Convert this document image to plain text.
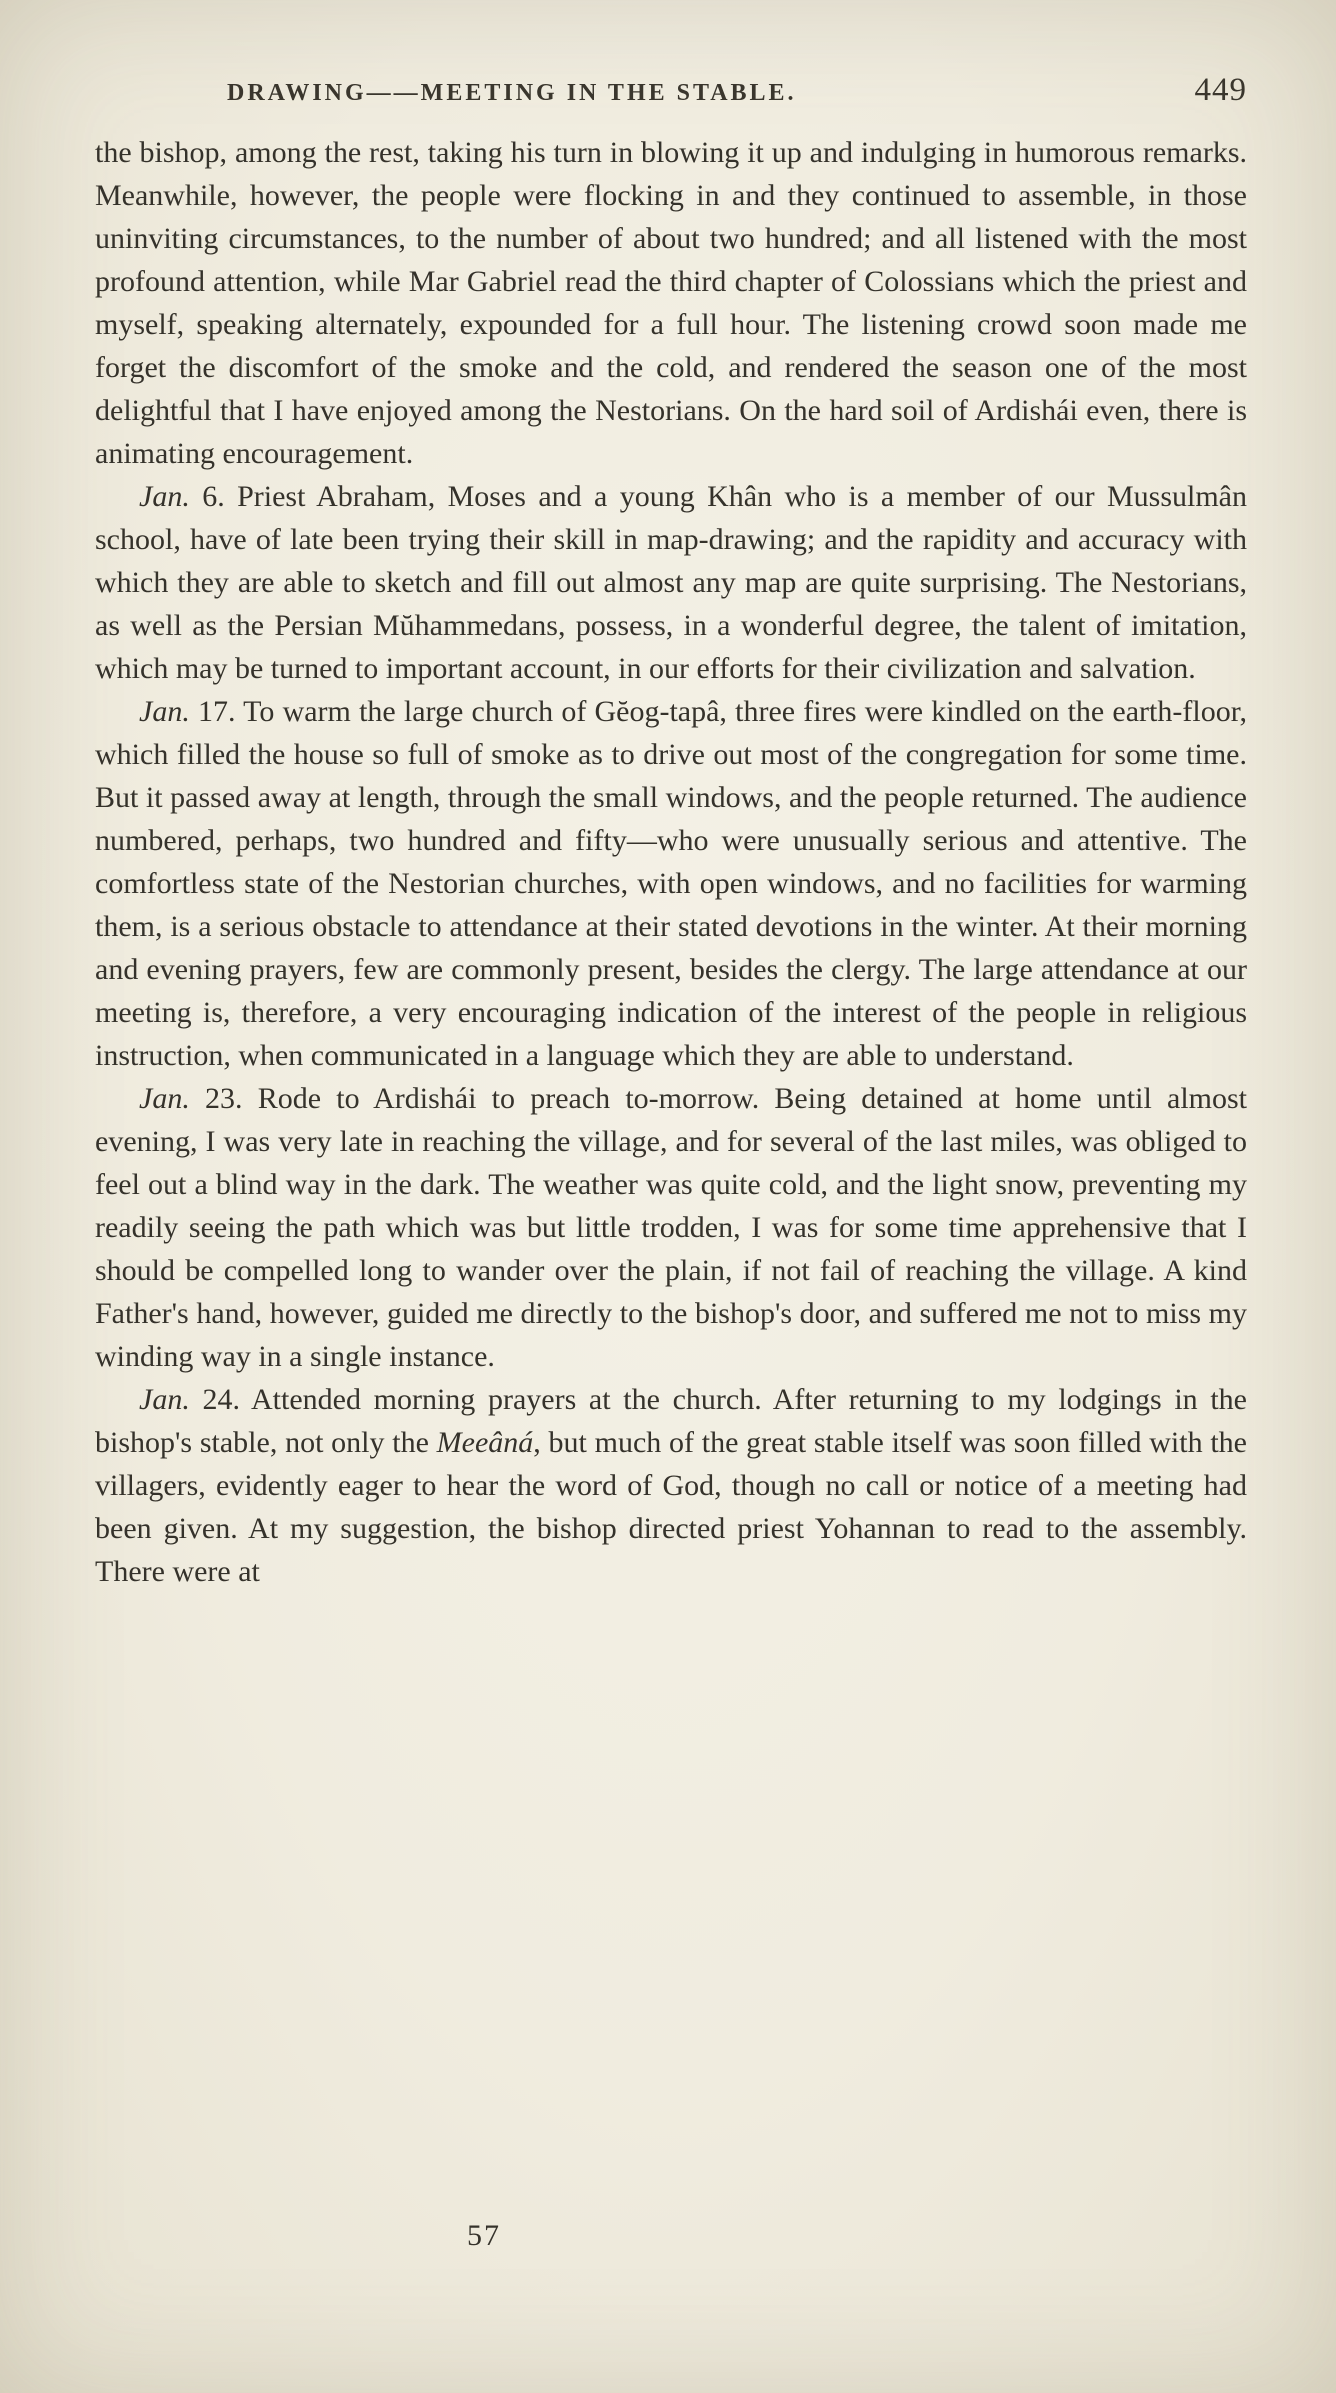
DRAWING——MEETING IN THE STABLE.	449

the bishop, among the rest, taking his turn in blowing it up and indulging in humorous remarks. Meanwhile, however, the people were flocking in and they continued to assemble, in those uninviting circumstances, to the number of about two hundred; and all listened with the most profound attention, while Mar Gabriel read the third chapter of Colossians which the priest and myself, speaking alternately, expounded for a full hour. The listening crowd soon made me forget the discomfort of the smoke and the cold, and rendered the season one of the most delightful that I have enjoyed among the Nestorians. On the hard soil of Ardishái even, there is animating encouragement.

Jan. 6. Priest Abraham, Moses and a young Khân who is a member of our Mussulmân school, have of late been trying their skill in map-drawing; and the rapidity and accuracy with which they are able to sketch and fill out almost any map are quite surprising. The Nestorians, as well as the Persian Mŭhammedans, possess, in a wonderful degree, the talent of imitation, which may be turned to important account, in our efforts for their civilization and salvation.

Jan. 17. To warm the large church of Gĕog-tapâ, three fires were kindled on the earth-floor, which filled the house so full of smoke as to drive out most of the congregation for some time. But it passed away at length, through the small windows, and the people returned. The audience numbered, perhaps, two hundred and fifty—who were unusually serious and attentive. The comfortless state of the Nestorian churches, with open windows, and no facilities for warming them, is a serious obstacle to attendance at their stated devotions in the winter. At their morning and evening prayers, few are commonly present, besides the clergy. The large attendance at our meeting is, therefore, a very encouraging indication of the interest of the people in religious instruction, when communicated in a language which they are able to understand.

Jan. 23. Rode to Ardishái to preach to-morrow. Being detained at home until almost evening, I was very late in reaching the village, and for several of the last miles, was obliged to feel out a blind way in the dark. The weather was quite cold, and the light snow, preventing my readily seeing the path which was but little trodden, I was for some time apprehensive that I should be compelled long to wander over the plain, if not fail of reaching the village. A kind Father's hand, however, guided me directly to the bishop's door, and suffered me not to miss my winding way in a single instance.

Jan. 24. Attended morning prayers at the church. After returning to my lodgings in the bishop's stable, not only the Meeâná, but much of the great stable itself was soon filled with the villagers, evidently eager to hear the word of God, though no call or notice of a meeting had been given. At my suggestion, the bishop directed priest Yohannan to read to the assembly. There were at

57
